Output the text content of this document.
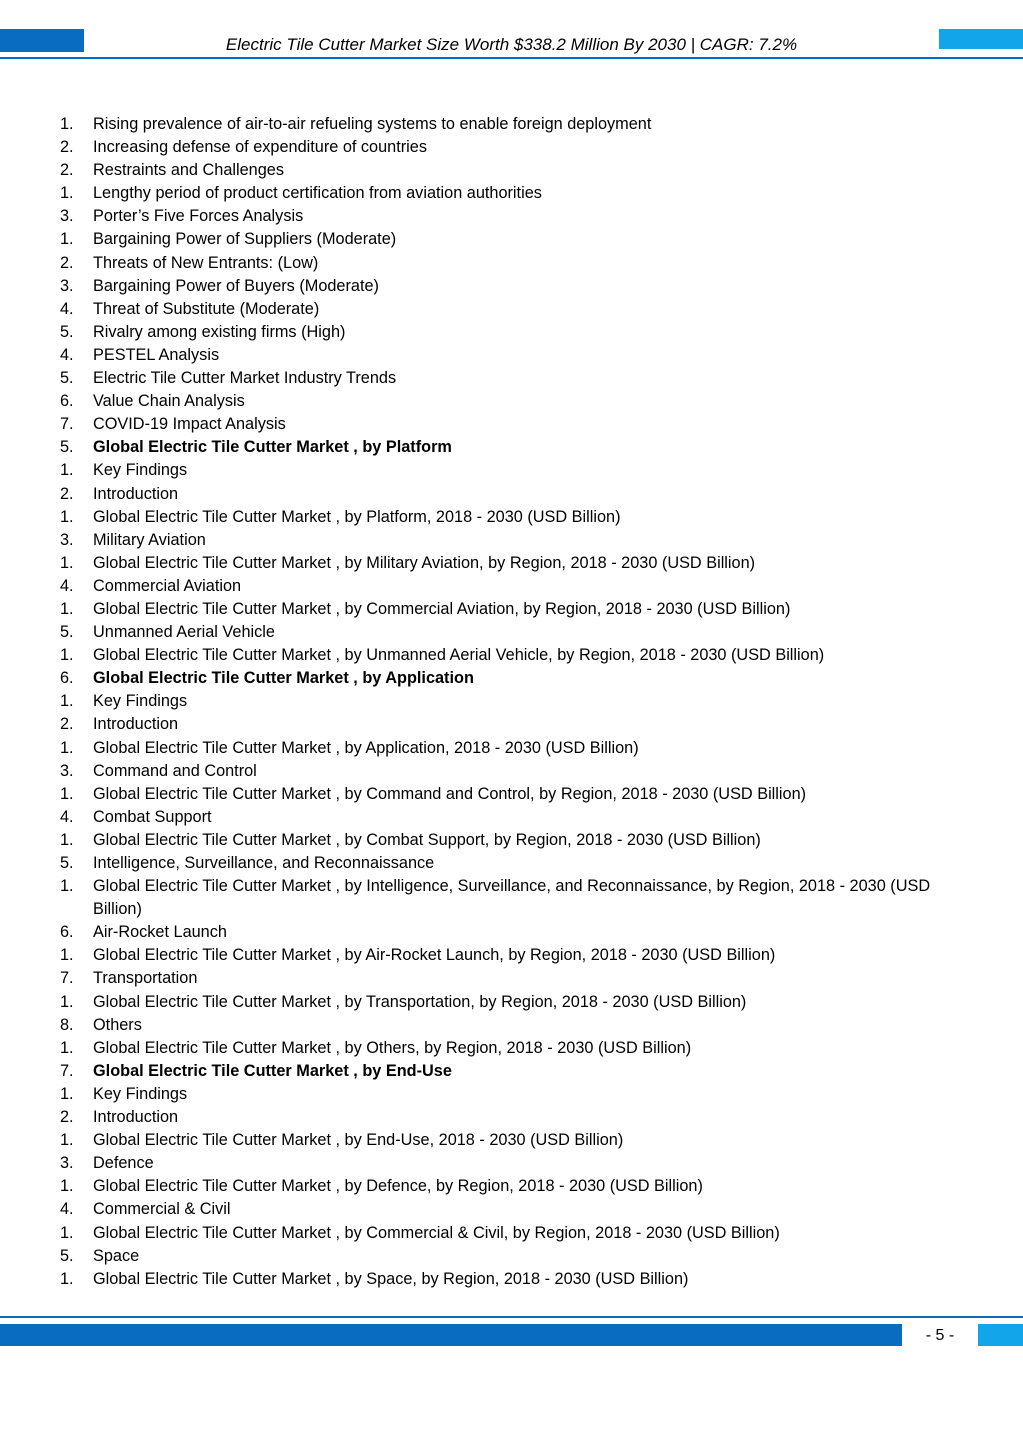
Electric Tile Cutter Market Size Worth $338.2 Million By 2030 | CAGR: 7.2%
1.	Rising prevalence of air-to-air refueling systems to enable foreign deployment
2.	Increasing defense of expenditure of countries
2.	Restraints and Challenges
1.	Lengthy period of product certification from aviation authorities
3.	Porter’s Five Forces Analysis
1.	Bargaining Power of Suppliers (Moderate)
2.	Threats of New Entrants: (Low)
3.	Bargaining Power of Buyers (Moderate)
4.	Threat of Substitute (Moderate)
5.	Rivalry among existing firms (High)
4.	PESTEL Analysis
5.	Electric Tile Cutter Market Industry Trends
6.	Value Chain Analysis
7.	COVID-19 Impact Analysis
5.	Global Electric Tile Cutter Market , by Platform
1.	Key Findings
2.	Introduction
1.	Global Electric Tile Cutter Market , by Platform, 2018 - 2030 (USD Billion)
3.	Military Aviation
1.	Global Electric Tile Cutter Market , by Military Aviation, by Region, 2018 - 2030 (USD Billion)
4.	Commercial Aviation
1.	Global Electric Tile Cutter Market , by Commercial Aviation, by Region, 2018 - 2030 (USD Billion)
5.	Unmanned Aerial Vehicle
1.	Global Electric Tile Cutter Market , by Unmanned Aerial Vehicle, by Region, 2018 - 2030 (USD Billion)
6.	Global Electric Tile Cutter Market , by Application
1.	Key Findings
2.	Introduction
1.	Global Electric Tile Cutter Market , by Application, 2018 - 2030 (USD Billion)
3.	Command and Control
1.	Global Electric Tile Cutter Market , by Command and Control, by Region, 2018 - 2030 (USD Billion)
4.	Combat Support
1.	Global Electric Tile Cutter Market , by Combat Support, by Region, 2018 - 2030 (USD Billion)
5.	Intelligence, Surveillance, and Reconnaissance
1.	Global Electric Tile Cutter Market , by Intelligence, Surveillance, and Reconnaissance, by Region, 2018 - 2030 (USD Billion)
6.	Air-Rocket Launch
1.	Global Electric Tile Cutter Market , by Air-Rocket Launch, by Region, 2018 - 2030 (USD Billion)
7.	Transportation
1.	Global Electric Tile Cutter Market , by Transportation, by Region, 2018 - 2030 (USD Billion)
8.	Others
1.	Global Electric Tile Cutter Market , by Others, by Region, 2018 - 2030 (USD Billion)
7.	Global Electric Tile Cutter Market , by End-Use
1.	Key Findings
2.	Introduction
1.	Global Electric Tile Cutter Market , by End-Use, 2018 - 2030 (USD Billion)
3.	Defence
1.	Global Electric Tile Cutter Market , by Defence, by Region, 2018 - 2030 (USD Billion)
4.	Commercial & Civil
1.	Global Electric Tile Cutter Market , by Commercial & Civil, by Region, 2018 - 2030 (USD Billion)
5.	Space
1.	Global Electric Tile Cutter Market , by Space, by Region, 2018 - 2030 (USD Billion)
- 5 -
